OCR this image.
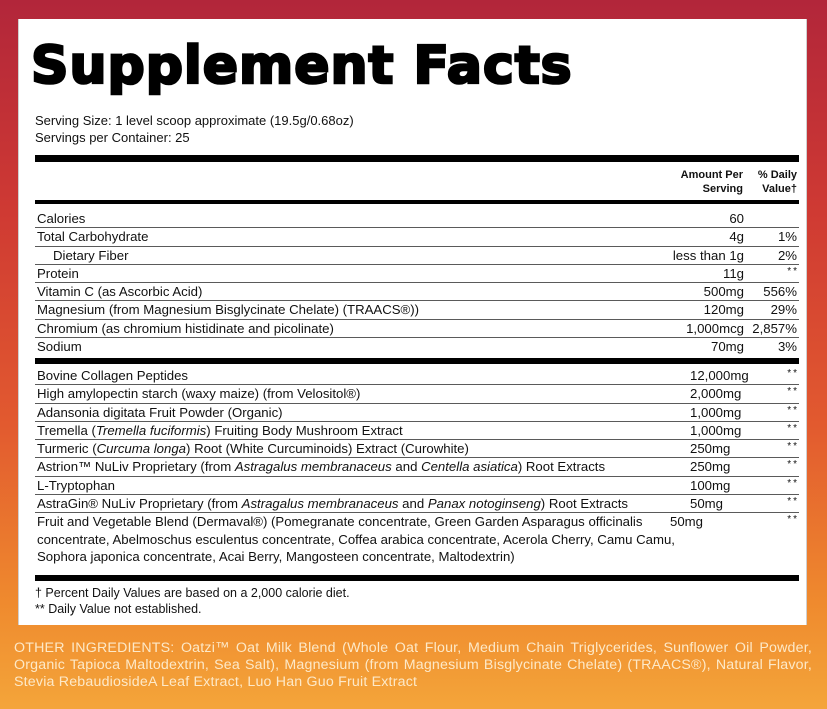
Supplement Facts
Serving Size: 1 level scoop approximate (19.5g/0.68oz)
Servings per Container: 25
Amount Per
Serving
% Daily
Value†
Calories	60
Total Carbohydrate	4g	1%
Dietary Fiber	less than 1g	2%
Protein	11g	**
Vitamin C (as Ascorbic Acid)	500mg 556%
Magnesium (from Magnesium Bisglycinate Chelate) (TRAACS®))	120mg 29%
Chromium (as chromium histidinate and picolinate)	1,000mcg 2,857%
Sodium	70mg	3%
Bovine Collagen Peptides	12,000mg	**
High amylopectin starch (waxy maize) (from Velositol®)	2,000mg	**
Adansonia digitata Fruit Powder (Organic)	1,000mg	**
Tremella (Tremella fuciformis) Fruiting Body Mushroom Extract	1,000mg	**
Turmeric (Curcuma longa) Root (White Curcuminoids) Extract (Curowhite)	250mg	**
Astrion™ NuLiv Proprietary (from Astragalus membranaceus and Centella asiatica) Root Extracts	250mg	**
L-Tryptophan	100mg	**
AstraGin® NuLiv Proprietary (from Astragalus membranaceus and Panax notoginseng) Root Extracts	50mg	**
Fruit and Vegetable Blend (Dermaval®) (Pomegranate concentrate, Green Garden Asparagus officinalis concentrate, Abelmoschus esculentus concentrate, Coffea arabica concentrate, Acerola Cherry, Camu Camu, Sophora japonica concentrate, Acai Berry, Mangosteen concentrate, Maltodextrin)
50mg	**
† Percent Daily Values are based on a 2,000 calorie diet.
** Daily Value not established.
OTHER INGREDIENTS: Oatzi™ Oat Milk Blend (Whole Oat Flour, Medium Chain Triglycerides, Sunflower Oil Powder, Organic Tapioca Maltodextrin, Sea Salt), Magnesium (from Magnesium Bisglycinate Chelate) (TRAACS®), Natural Flavor, Stevia RebaudiosideA Leaf Extract, Luo Han Guo Fruit Extract
